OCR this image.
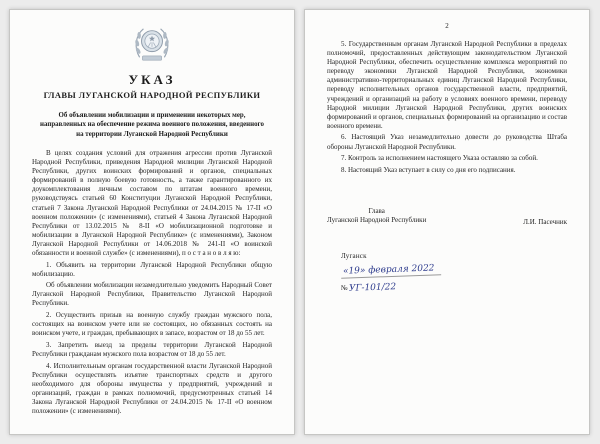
УКАЗ
ГЛАВЫ ЛУГАНСКОЙ НАРОДНОЙ РЕСПУБЛИКИ
Об объявлении мобилизации и применении некоторых мер, направленных на обеспечение режима военного положения, введенного на территории Луганской Народной Республики

В целях создания условий для отражения агрессии против Луганской Народной Республики, приведения Народной милиции Луганской Народной Республики, других воинских формирований и органов, специальных формирований в полную боевую готовность, а также гарантированного их доукомплектования личным составом по штатам военного времени, руководствуясь статьей 60 Конституции Луганской Народной Республики, статьей 7 Закона Луганской Народной Республики от 24.04.2015 № 17-II «О военном положении» (с изменениями), статьей 4 Закона Луганской Народной Республики от 13.02.2015 № 8-II «О мобилизационной подготовке и мобилизации в Луганской Народной Республике» (с изменениями), Законом Луганской Народной Республики от 14.06.2018 № 241-II «О воинской обязанности и военной службе» (с изменениями), п о с т а н о в л я ю:

1. Объявить на территории Луганской Народной Республики общую мобилизацию.

Об объявлении мобилизации незамедлительно уведомить Народный Совет Луганской Народной Республики, Правительство Луганской Народной Республики.

2. Осуществить призыв на военную службу граждан мужского пола, состоящих на воинском учете или не состоящих, но обязанных состоять на воинском учете, и граждан, пребывающих в запасе, возрастом от 18 до 55 лет.

3. Запретить выезд за пределы территории Луганской Народной Республики гражданам мужского пола возрастом от 18 до 55 лет.

4. Исполнительным органам государственной власти Луганской Народной Республики осуществлять изъятие транспортных средств и другого необходимого для обороны имущества у предприятий, учреждений и организаций, граждан в рамках полномочий, предусмотренных статьей 14 Закона Луганской Народной Республики от 24.04.2015 № 17-II «О военном положении» (с изменениями).

2

5. Государственным органам Луганской Народной Республики в пределах полномочий, предоставленных действующим законодательством Луганской Народной Республики, обеспечить осуществление комплекса мероприятий по переводу экономики Луганской Народной Республики, экономики административно-территориальных единиц Луганской Народной Республики, переводу исполнительных органов государственной власти, предприятий, учреждений и организаций на работу в условиях военного времени, переводу Народной милиции Луганской Народной Республики, других воинских формирований и органов, специальных формирований на организацию и состав военного времени.

6. Настоящий Указ незамедлительно довести до руководства Штаба обороны Луганской Народной Республики.

7. Контроль за исполнением настоящего Указа оставляю за собой.

8. Настоящий Указ вступает в силу со дня его подписания.

Глава
Луганской Народной Республики	Л.И. Пасечник
Луганск
«19» февраля 2022
№ УГ-101/22
